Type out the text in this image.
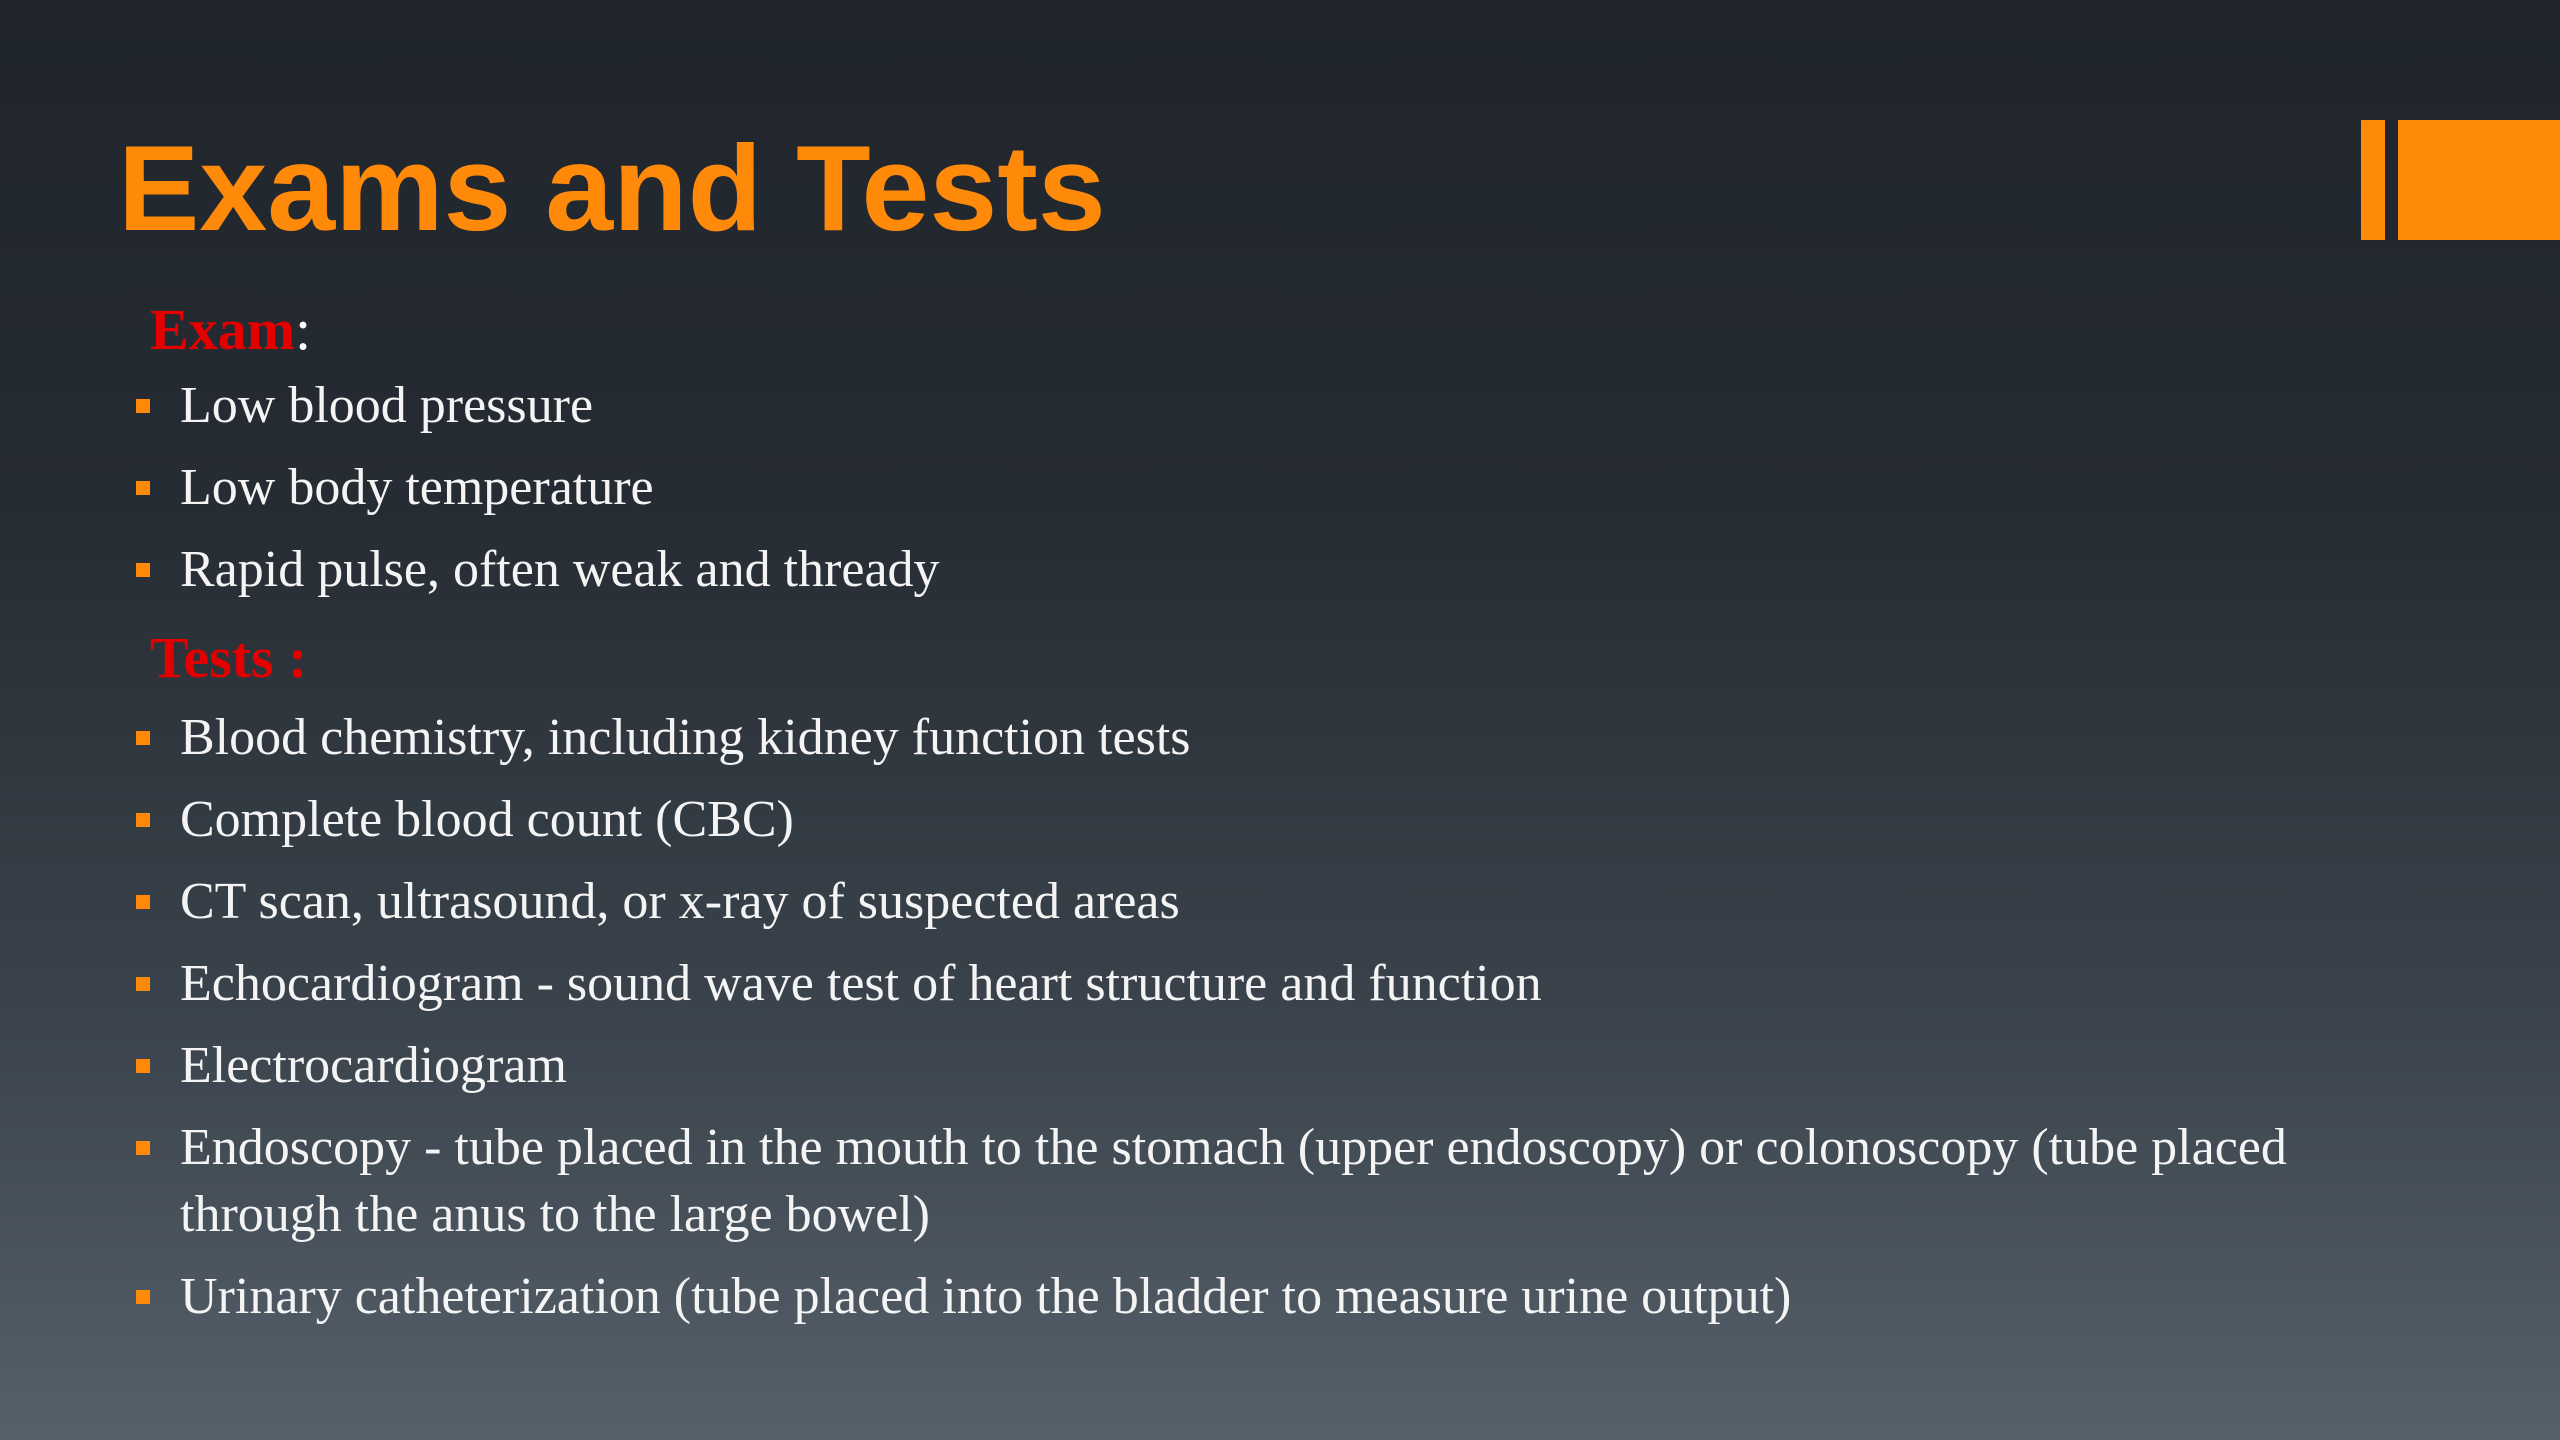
Exams and Tests
Exam:
Low blood pressure
Low body temperature
Rapid pulse, often weak and thready
Tests :
Blood chemistry, including kidney function tests
Complete blood count (CBC)
CT scan, ultrasound, or x-ray of suspected areas
Echocardiogram - sound wave test of heart structure and function
Electrocardiogram
Endoscopy - tube placed in the mouth to the stomach (upper endoscopy) or colonoscopy (tube placed through the anus to the large bowel)
Urinary catheterization (tube placed into the bladder to measure urine output)
